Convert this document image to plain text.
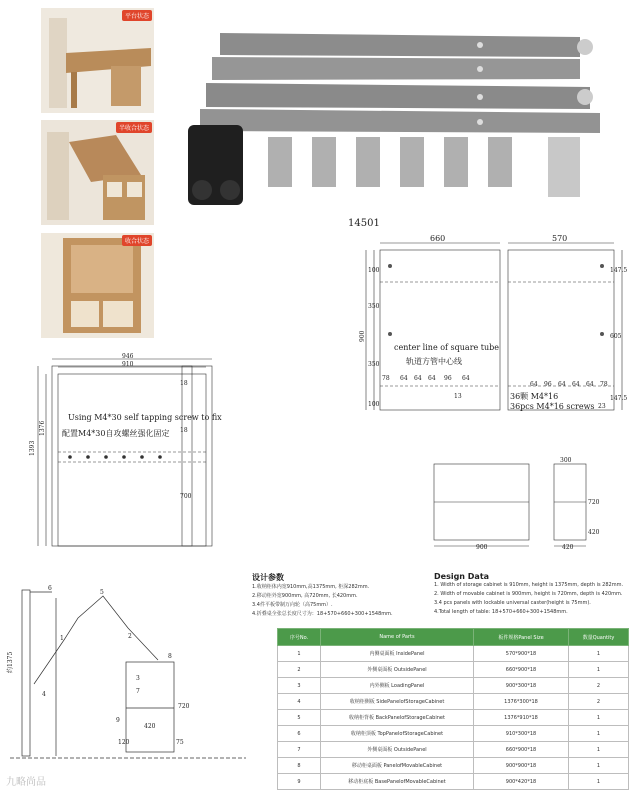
平台状态
半收合状态
收合状态
14501
660	570
900
100
350
350
100
147.5
605
147.5
23
center line of square tube
轨道方管中心线
78 64 64 64 96 64
13
64 96 64 64 64 78
36颗 M4*16
36pcs M4*16 screws
946
910
1393
1376
Using M4*30 self tapping screw to fix
配置M4*30自攻螺丝强化固定
18
18
700
300
720
420
900	420
约1375
6
5
4
1	2
3
8
7
9
720
420
120	75
设计参数
1.收纳柜体内宽910mm,高1375mm, 柜深282mm.
2.移动柜外宽900mm, 高720mm, 长420mm.
3.4件平板带制万向轮（高75mm）.
4.折叠桌全张总长度尺寸为：18+570+660+300+1548mm.
Design Data
1. Width of storage cabinet is 910mm, height is 1375mm, depth is 282mm.
2. Width of movable cabinet is 900mm, height is 720mm, depth is 420mm.
3.4 pcs panels with lockable universal caster(height is 75mm).
4.Total length of table: 18+570+660+300+1548mm.
序号No.	Name of Parts	板件规格Panel Size	数量Quantity
1	内侧桌面板 InsidePanel	570*900*18	1
2	外侧桌面板 OutsidePanel	660*900*18	1
3	内外侧板 LoadingPanel	900*300*18	2
4	收纳柜侧板 SidePanelofStorageCabinet	1376*300*18	2
5	收纳柜背板 BackPanelofStorageCabinet	1376*910*18	1
6	收纳柜顶板 TopPanelofStorageCabinet	910*300*18	1
7	外侧桌面板 OutsidePanel	660*900*18	1
8	移动柜桌面板 PanelofMovableCabinet	900*900*18	1
9	移动柜底板 BasePanelofMovableCabinet	900*420*18	1
九略尚品
